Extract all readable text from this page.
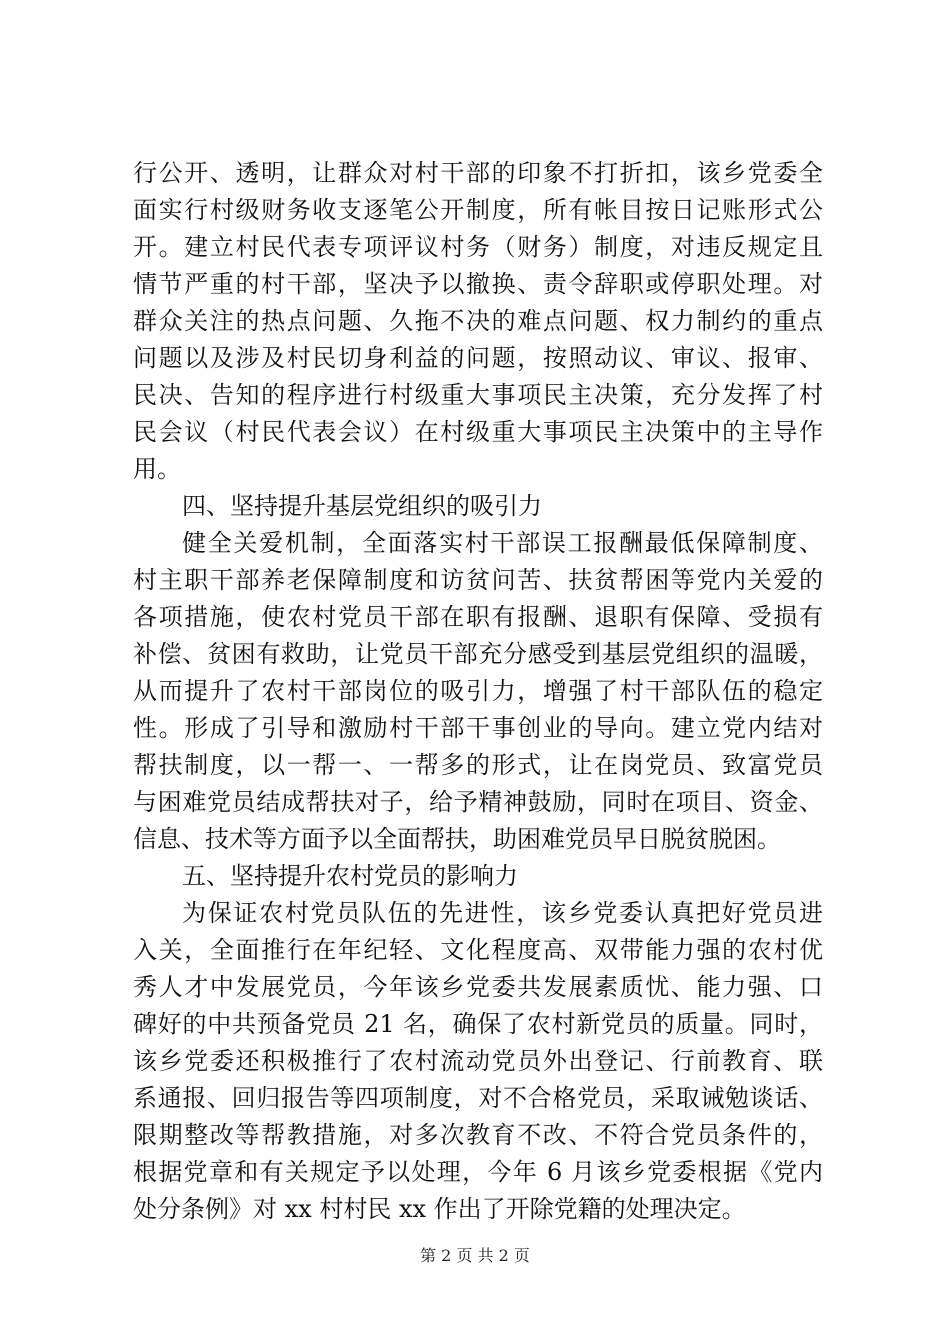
行公开、透明，让群众对村干部的印象不打折扣，该乡党委全
面实行村级财务收支逐笔公开制度，所有帐目按日记账形式公
开。建立村民代表专项评议村务（财务）制度，对违反规定且
情节严重的村干部，坚决予以撤换、责令辞职或停职处理。对
群众关注的热点问题、久拖不决的难点问题、权力制约的重点
问题以及涉及村民切身利益的问题，按照动议、审议、报审、
民决、告知的程序进行村级重大事项民主决策，充分发挥了村
民会议（村民代表会议）在村级重大事项民主决策中的主导作
用。
四、坚持提升基层党组织的吸引力
健全关爱机制，全面落实村干部误工报酬最低保障制度、
村主职干部养老保障制度和访贫问苦、扶贫帮困等党内关爱的
各项措施，使农村党员干部在职有报酬、退职有保障、受损有
补偿、贫困有救助，让党员干部充分感受到基层党组织的温暖，
从而提升了农村干部岗位的吸引力，增强了村干部队伍的稳定
性。形成了引导和激励村干部干事创业的导向。建立党内结对
帮扶制度，以一帮一、一帮多的形式，让在岗党员、致富党员
与困难党员结成帮扶对子，给予精神鼓励，同时在项目、资金、
信息、技术等方面予以全面帮扶，助困难党员早日脱贫脱困。
五、坚持提升农村党员的影响力
为保证农村党员队伍的先进性，该乡党委认真把好党员进
入关，全面推行在年纪轻、文化程度高、双带能力强的农村优
秀人才中发展党员，今年该乡党委共发展素质忧、能力强、口
碑好的中共预备党员 21 名，确保了农村新党员的质量。同时，
该乡党委还积极推行了农村流动党员外出登记、行前教育、联
系通报、回归报告等四项制度，对不合格党员，采取诫勉谈话、
限期整改等帮教措施，对多次教育不改、不符合党员条件的，
根据党章和有关规定予以处理，今年 6 月该乡党委根据《党内
处分条例》对 xx 村村民 xx 作出了开除党籍的处理决定。
第 2 页 共 2 页
